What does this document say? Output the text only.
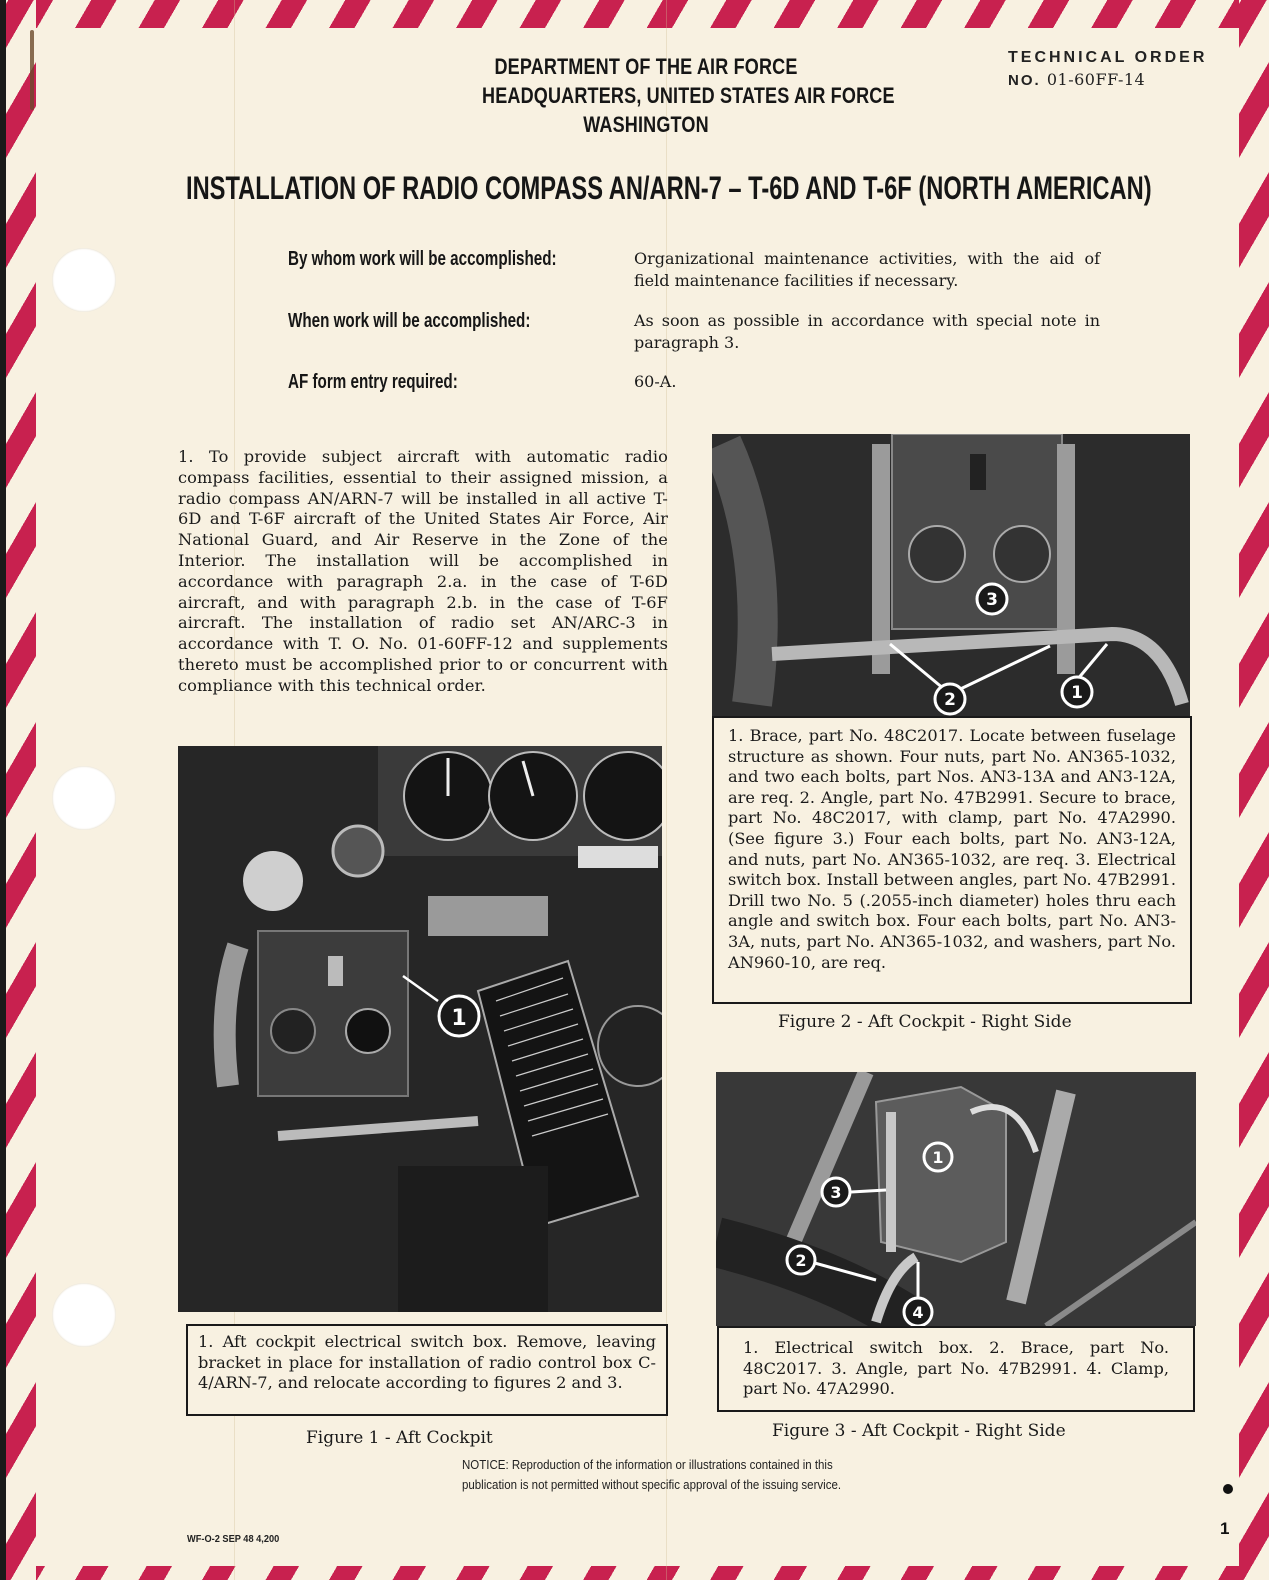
DEPARTMENT OF THE AIR FORCE
HEADQUARTERS, UNITED STATES AIR FORCE
WASHINGTON
TECHNICAL ORDER
NO. 01-60FF-14
INSTALLATION OF RADIO COMPASS AN/ARN-7 – T-6D AND T-6F (NORTH AMERICAN)
By whom work will be accomplished:	Organizational maintenance activities, with the aid of field maintenance facilities if necessary.
When work will be accomplished:	As soon as possible in accordance with special note in paragraph 3.
AF form entry required:	60-A.
1. To provide subject aircraft with automatic radio compass facilities, essential to their assigned mission, a radio compass AN/ARN-7 will be installed in all active T-6D and T-6F aircraft of the United States Air Force, Air National Guard, and Air Reserve in the Zone of the Interior. The installation will be accomplished in accordance with paragraph 2.a. in the case of T-6D aircraft, and with paragraph 2.b. in the case of T-6F aircraft. The installation of radio set AN/ARC-3 in accordance with T. O. No. 01-60FF-12 and supplements thereto must be accomplished prior to or concurrent with compliance with this technical order.
1
1. Aft cockpit electrical switch box. Remove, leaving bracket in place for installation of radio control box C-4/ARN-7, and relocate according to figures 2 and 3.
Figure 1 - Aft Cockpit
2	1
3
1. Brace, part No. 48C2017. Locate between fuselage structure as shown. Four nuts, part No. AN365-1032, and two each bolts, part Nos. AN3-13A and AN3-12A, are req. 2. Angle, part No. 47B2991. Secure to brace, part No. 48C2017, with clamp, part No. 47A2990. (See figure 3.) Four each bolts, part No. AN3-12A, and nuts, part No. AN365-1032, are req. 3. Electrical switch box. Install between angles, part No. 47B2991. Drill two No. 5 (.2055-inch diameter) holes thru each angle and switch box. Four each bolts, part No. AN3-3A, nuts, part No. AN365-1032, and washers, part No. AN960-10, are req.
Figure 2 - Aft Cockpit - Right Side
3
2
4
1
1. Electrical switch box. 2. Brace, part No. 48C2017. 3. Angle, part No. 47B2991. 4. Clamp, part No. 47A2990.
Figure 3 - Aft Cockpit - Right Side
NOTICE: Reproduction of the information or illustrations contained in this publication is not permitted without specific approval of the issuing service.
1
WF-O-2 SEP 48 4,200
